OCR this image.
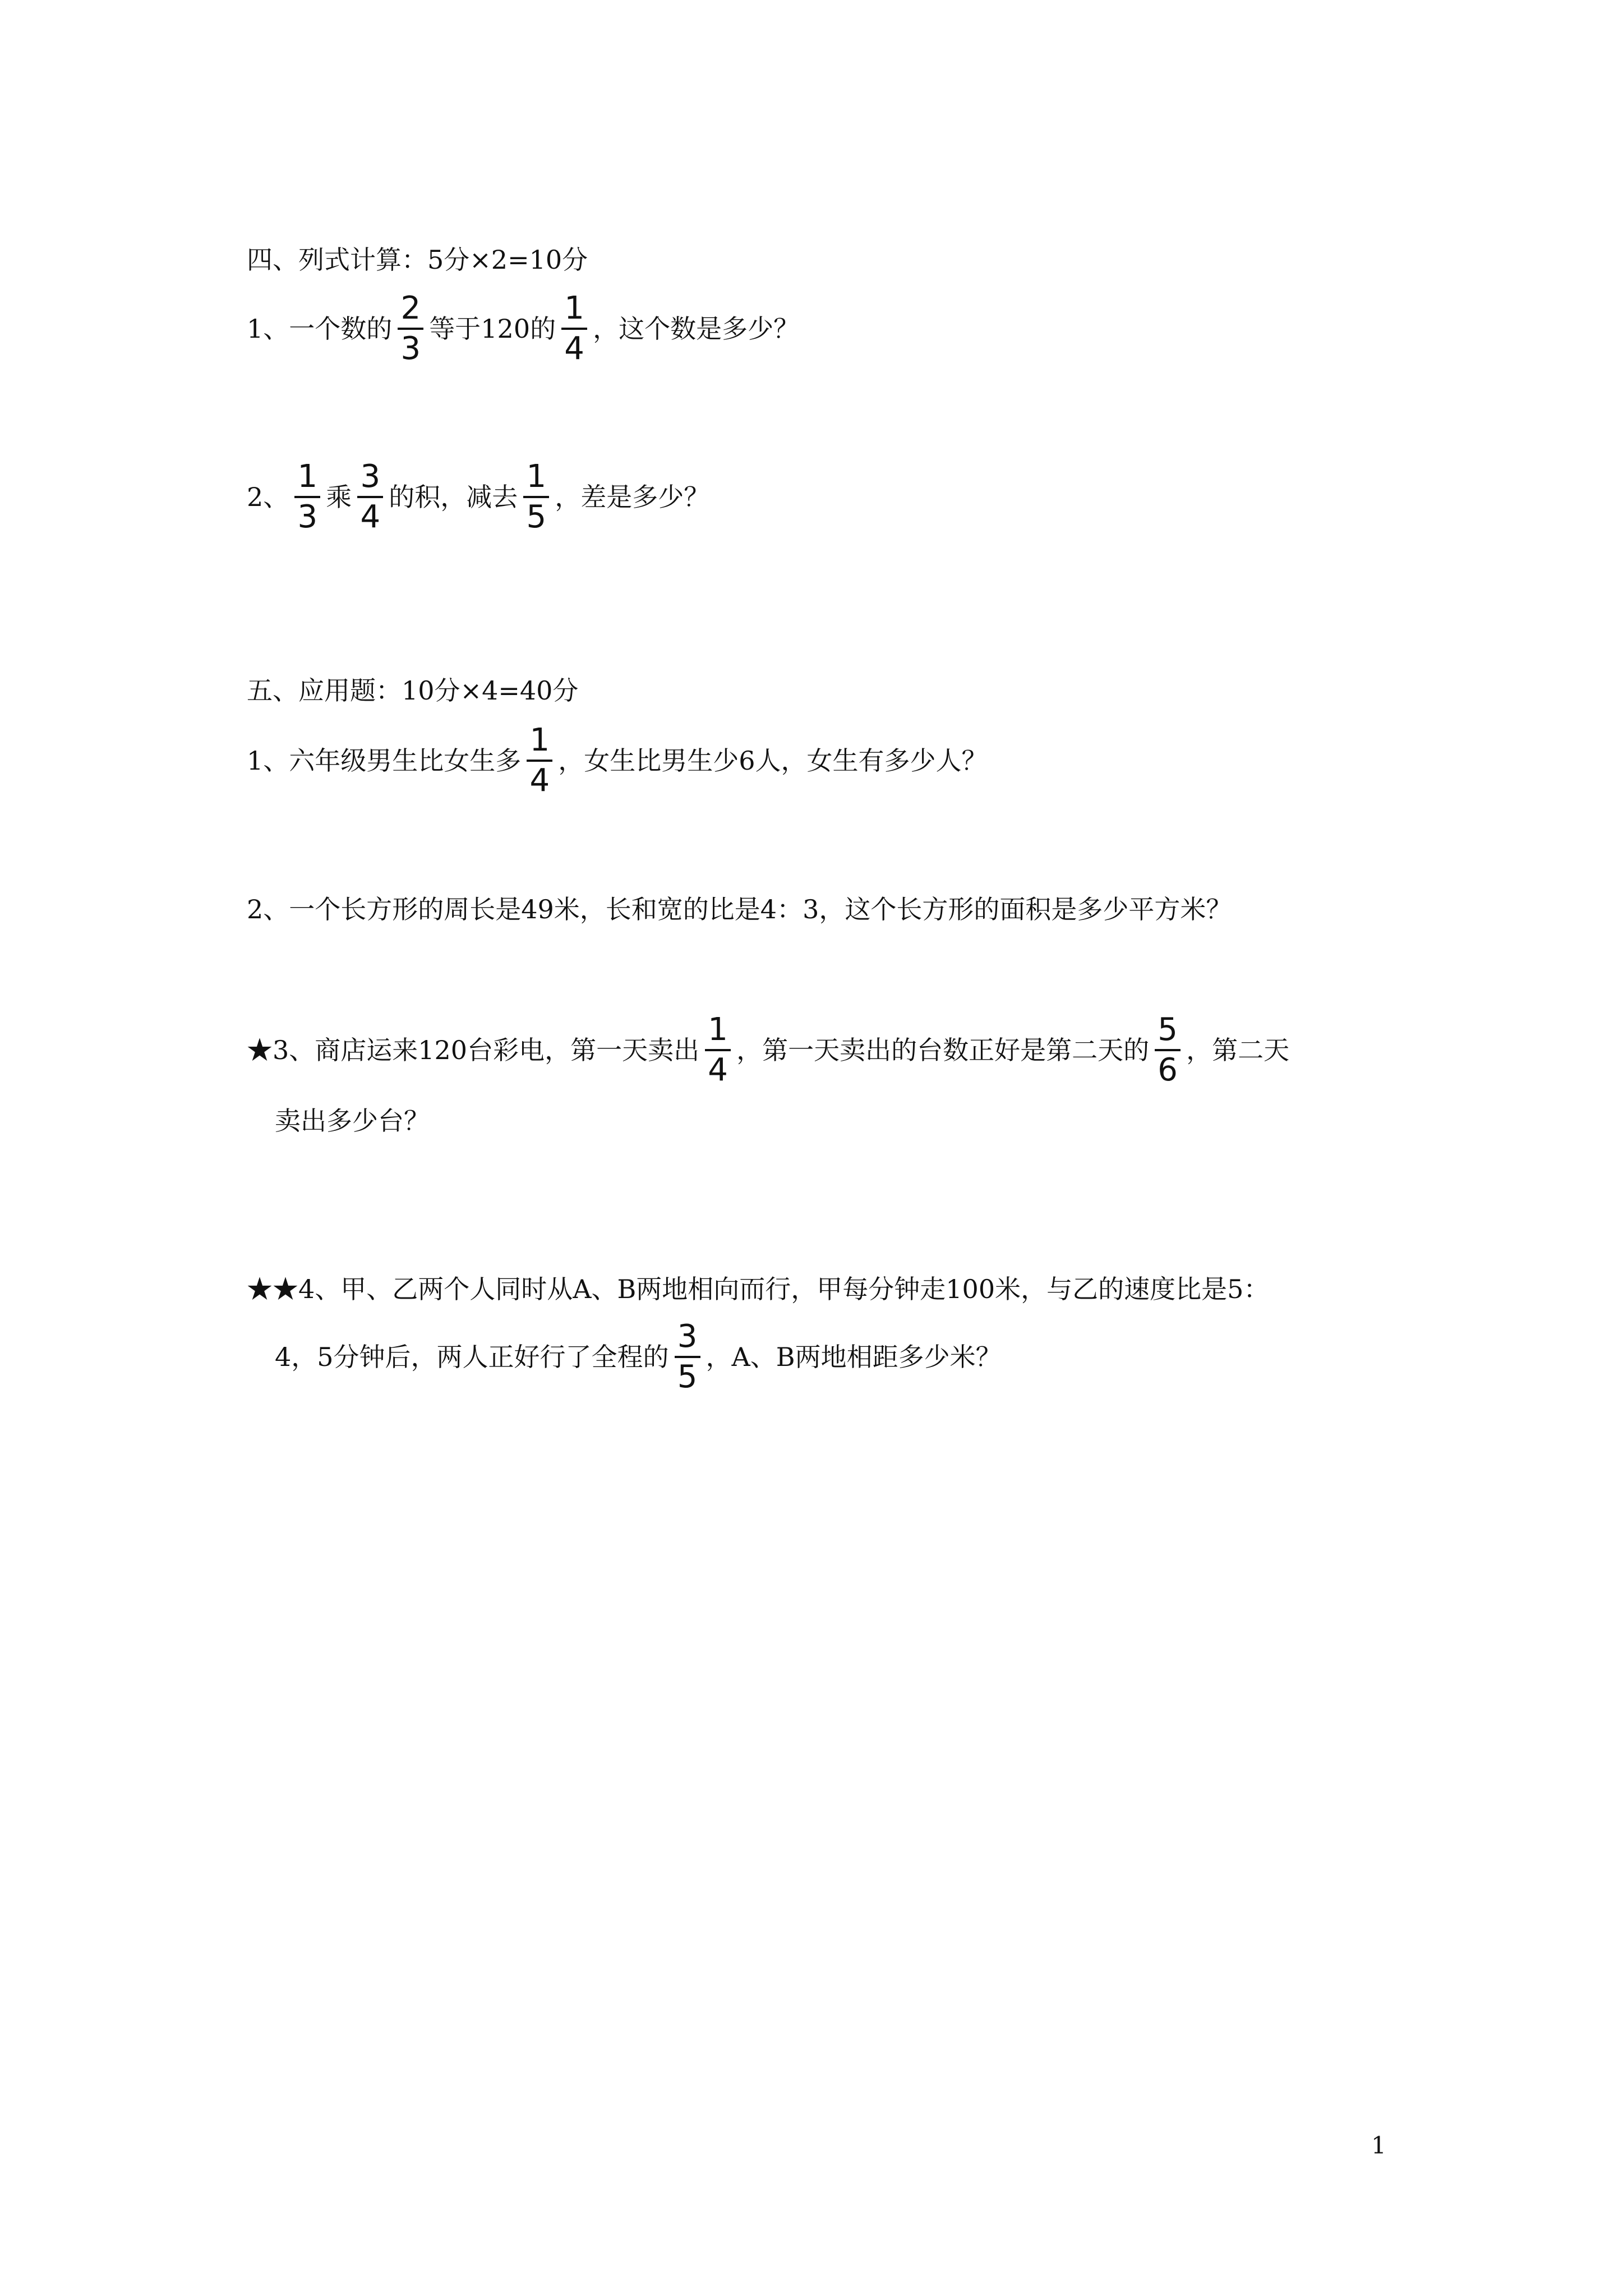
四、列式计算：5分×2=10分
1、一个数的 $\frac{2}{3}$ 等于120的 $\frac{1}{4}$ ，这个数是多少？
2、 $\frac{1}{3}$ 乘 $\frac{3}{4}$ 的积，减去 $\frac{1}{5}$ ，差是多少？
五、应用题：10分×4=40分
1、六年级男生比女生多 $\frac{1}{4}$ ，女生比男生少6人，女生有多少人？
2、一个长方形的周长是49米，长和宽的比是4：3，这个长方形的面积是多少平方米？
★3、商店运来120台彩电，第一天卖出 $\frac{1}{4}$ ，第一天卖出的台数正好是第二天的 $\frac{5}{6}$ ，第二天
卖出多少台？
★★4、甲、乙两个人同时从A、B两地相向而行，甲每分钟走100米，与乙的速度比是5：
4，5分钟后，两人正好行了全程的 $\frac{3}{5}$ ，A、B两地相距多少米？
1
